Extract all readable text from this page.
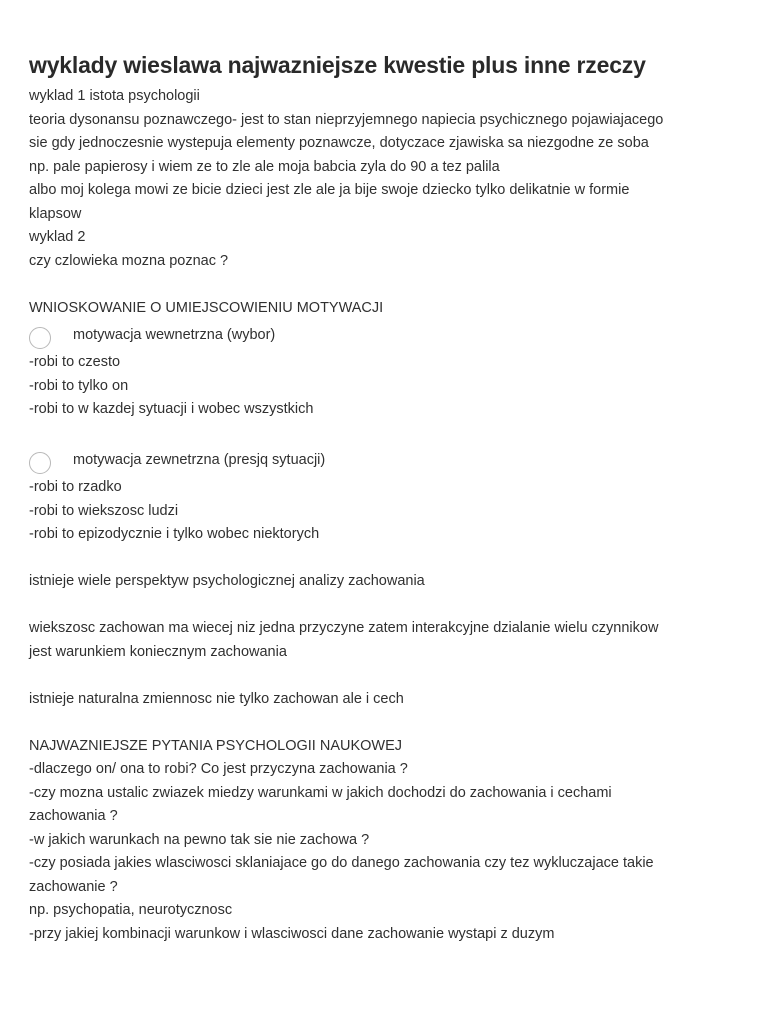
wyklady wieslawa najwazniejsze kwestie plus inne rzeczy
wyklad 1 istota psychologii
teoria dysonansu poznawczego- jest to stan nieprzyjemnego napiecia psychicznego pojawiajacego
sie gdy jednoczesnie wystepuja elementy poznawcze, dotyczace zjawiska sa niezgodne ze soba
np. pale papierosy i wiem ze to zle ale moja babcia zyla do 90 a tez palila
albo moj kolega mowi ze bicie dzieci jest zle ale ja bije swoje dziecko tylko delikatnie w formie
klapsow
wyklad 2
czy czlowieka mozna poznac ?
WNIOSKOWANIE O UMIEJSCOWIENIU MOTYWACJI
motywacja wewnetrzna (wybor)
-robi to czesto
-robi to tylko on
-robi to w kazdej sytuacji i wobec wszystkich
motywacja zewnetrzna (presjq sytuacji)
-robi to rzadko
-robi to wiekszosc ludzi
-robi to epizodycznie i tylko wobec niektorych
istnieje wiele perspektyw psychologicznej analizy zachowania
wiekszosc zachowan ma wiecej niz jedna przyczyne zatem interakcyjne dzialanie wielu czynnikow
jest warunkiem koniecznym zachowania
istnieje naturalna zmiennosc nie tylko zachowan ale i cech
NAJWAZNIEJSZE PYTANIA PSYCHOLOGII NAUKOWEJ
-dlaczego on/ ona to robi? Co jest przyczyna zachowania ?
-czy mozna ustalic zwiazek miedzy warunkami w jakich dochodzi do zachowania i cechami
zachowania ?
-w jakich warunkach na pewno tak sie nie zachowa ?
-czy posiada jakies wlasciwosci sklaniajace go do danego zachowania czy tez wykluczajace takie
zachowanie ?
np. psychopatia, neurotycznosc
-przy jakiej kombinacji warunkow i wlasciwosci dane zachowanie wystapi z duzym
